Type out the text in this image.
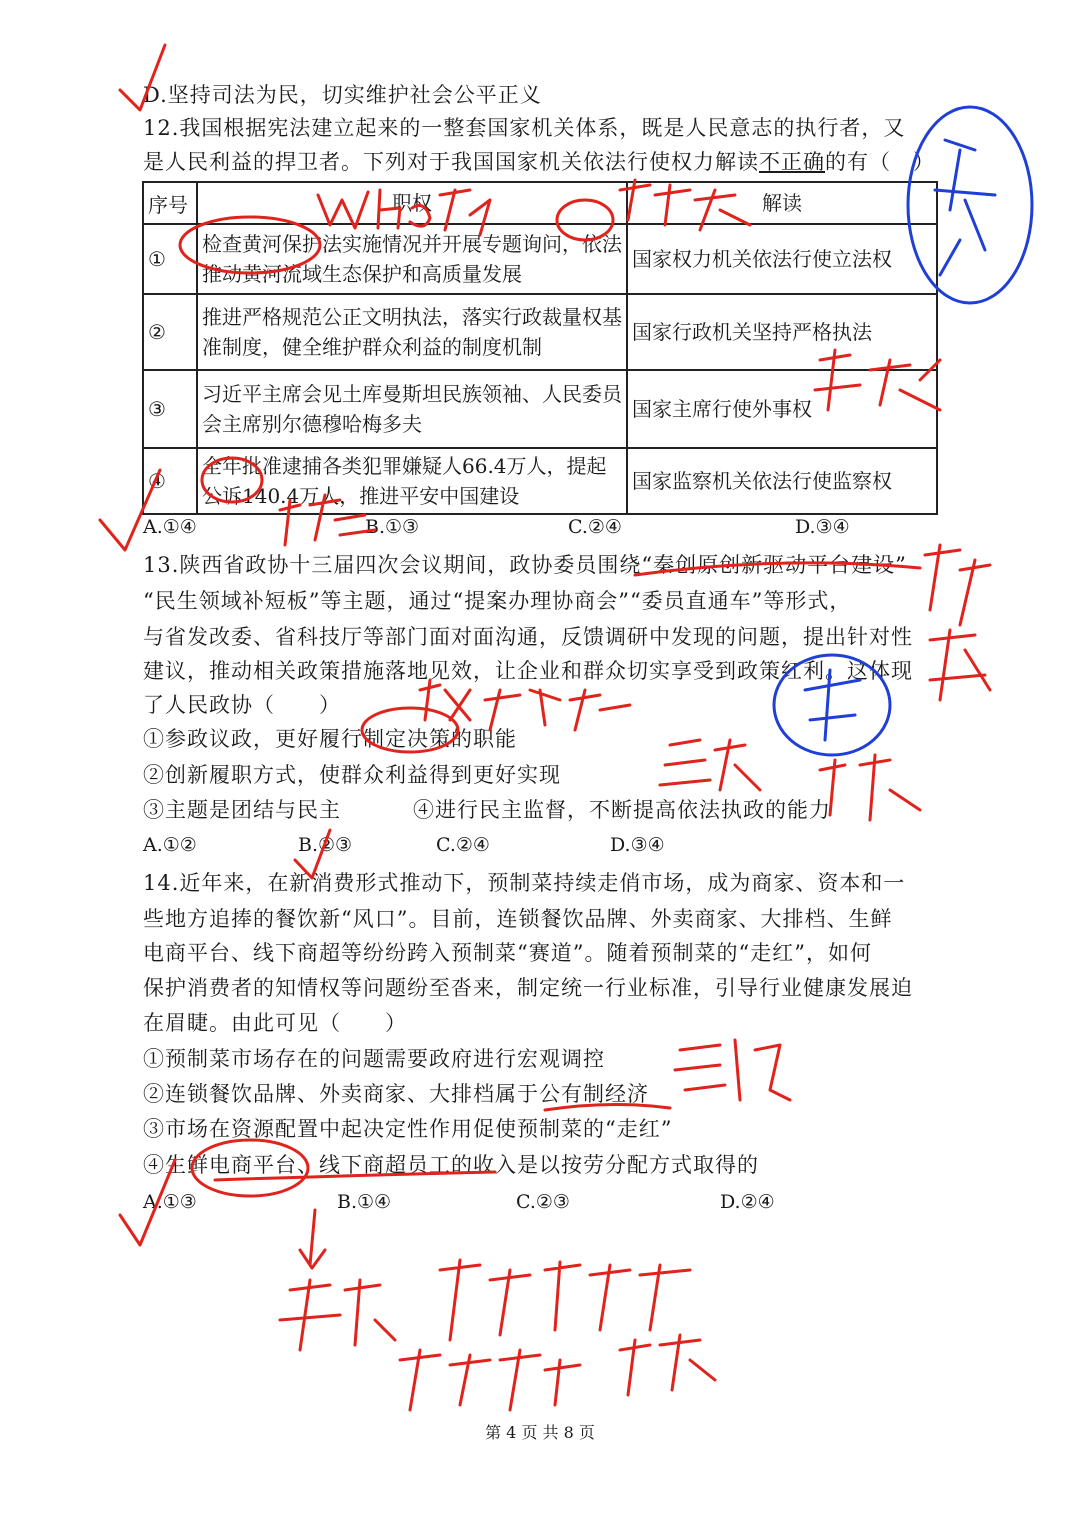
D.坚持司法为民，切实维护社会公平正义
12.我国根据宪法建立起来的一整套国家机关体系，既是人民意志的执行者，又
是人民利益的捍卫者。下列对于我国国家机关依法行使权力解读不正确的有（　）
序号	职权	解读
①	检查黄河保护法实施情况并开展专题询问，依法推动黄河流域生态保护和高质量发展	国家权力机关依法行使立法权
②	推进严格规范公正文明执法，落实行政裁量权基准制度，健全维护群众利益的制度机制	国家行政机关坚持严格执法
③	习近平主席会见土库曼斯坦民族领袖、人民委员会主席别尔德穆哈梅多夫	国家主席行使外事权
④	全年批准逮捕各类犯罪嫌疑人66.4万人，提起公诉140.4万人，推进平安中国建设	国家监察机关依法行使监察权
A.①④	B.①③	C.②④	D.③④
13.陕西省政协十三届四次会议期间，政协委员围绕“秦创原创新驱动平台建设”
“民生领域补短板”等主题，通过“提案办理协商会”“委员直通车”等形式，
与省发改委、省科技厅等部门面对面沟通，反馈调研中发现的问题，提出针对性
建议，推动相关政策措施落地见效，让企业和群众切实享受到政策红利。这体现
了人民政协（　　）
①参政议政，更好履行制定决策的职能
②创新履职方式，使群众利益得到更好实现
③主题是团结与民主	④进行民主监督，不断提高依法执政的能力
A.①②	B.②③	C.②④	D.③④
14.近年来，在新消费形式推动下，预制菜持续走俏市场，成为商家、资本和一
些地方追捧的餐饮新“风口”。目前，连锁餐饮品牌、外卖商家、大排档、生鲜
电商平台、线下商超等纷纷跨入预制菜“赛道”。随着预制菜的“走红”，如何
保护消费者的知情权等问题纷至沓来，制定统一行业标准，引导行业健康发展迫
在眉睫。由此可见（　　）
①预制菜市场存在的问题需要政府进行宏观调控
②连锁餐饮品牌、外卖商家、大排档属于公有制经济
③市场在资源配置中起决定性作用促使预制菜的“走红”
④生鲜电商平台、线下商超员工的收入是以按劳分配方式取得的
A.①③	B.①④	C.②③	D.②④
第 4 页 共 8 页
